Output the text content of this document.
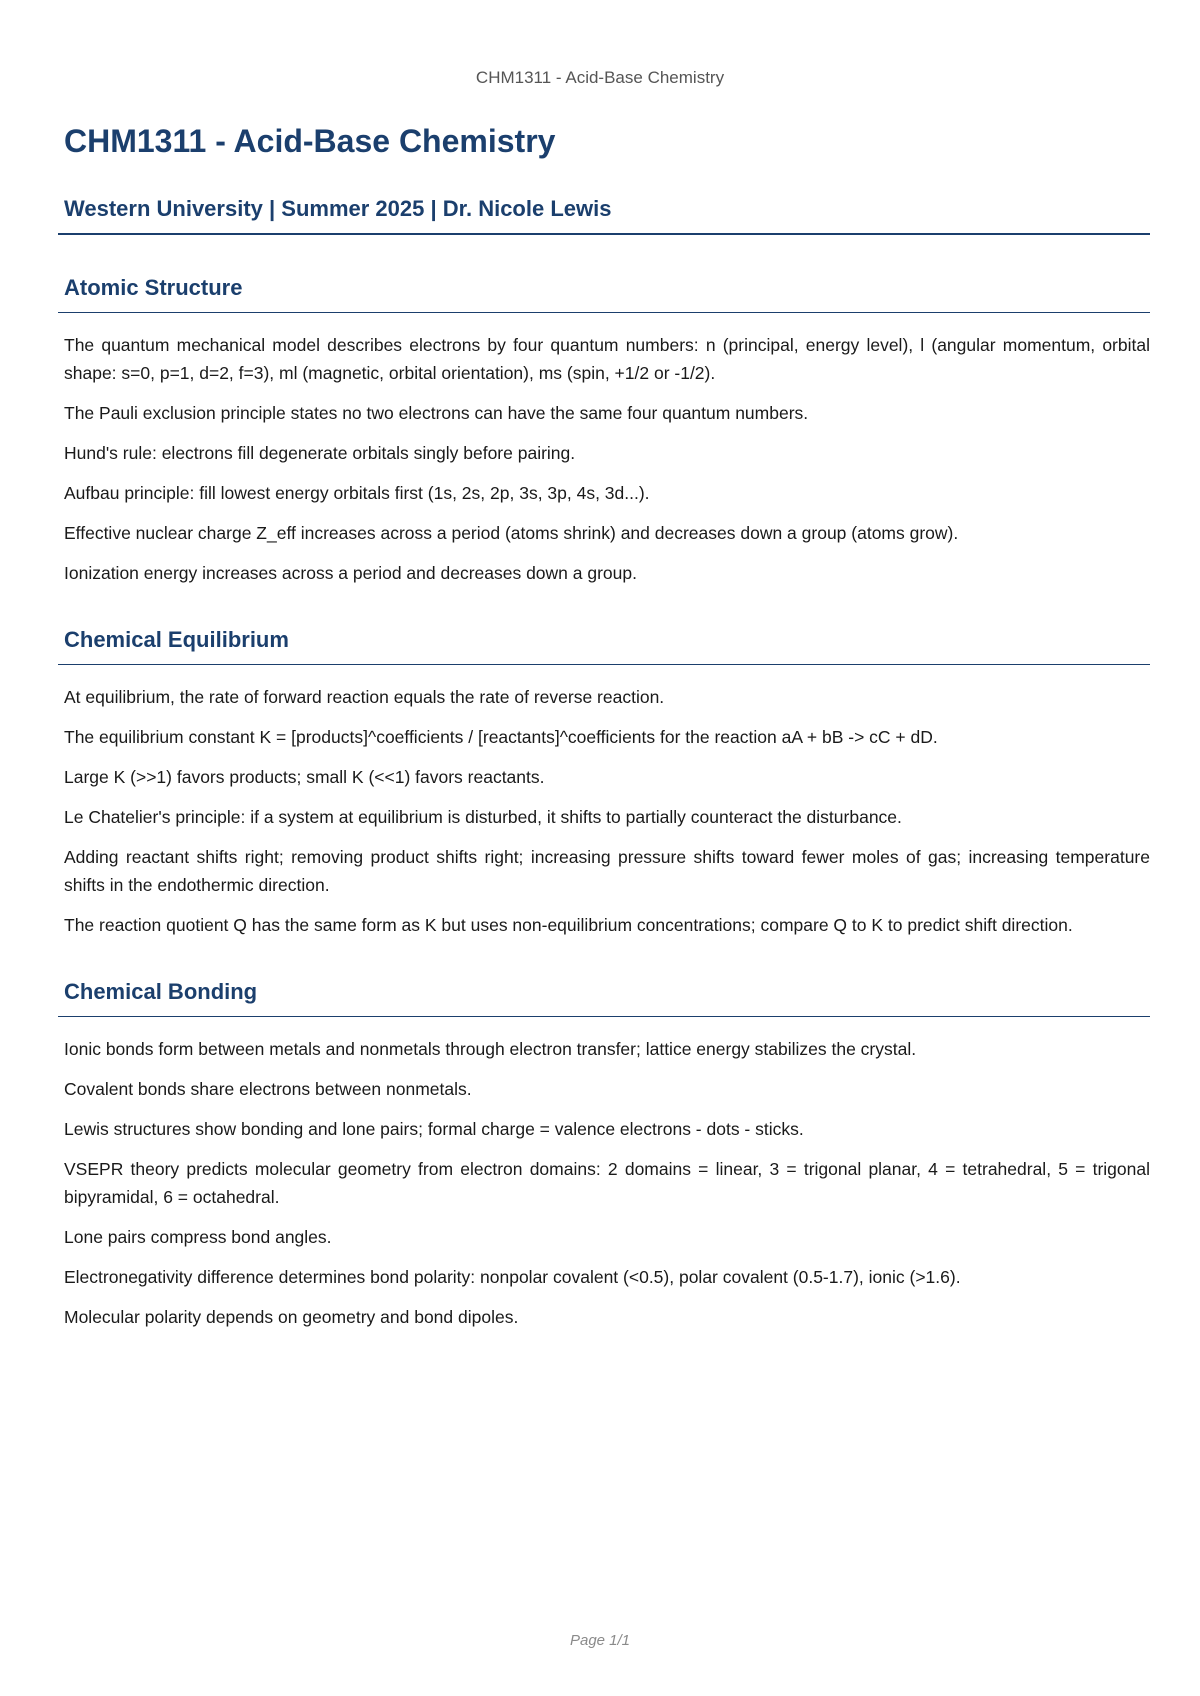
CHM1311 - Acid-Base Chemistry
CHM1311 - Acid-Base Chemistry
Western University | Summer 2025 | Dr. Nicole Lewis
Atomic Structure

The quantum mechanical model describes electrons by four quantum numbers: n (principal, energy level), l (angular momentum, orbital shape: s=0, p=1, d=2, f=3), ml (magnetic, orbital orientation), ms (spin, +1/2 or -1/2).

The Pauli exclusion principle states no two electrons can have the same four quantum numbers.

Hund's rule: electrons fill degenerate orbitals singly before pairing.

Aufbau principle: fill lowest energy orbitals first (1s, 2s, 2p, 3s, 3p, 4s, 3d...).

Effective nuclear charge Z_eff increases across a period (atoms shrink) and decreases down a group (atoms grow).

Ionization energy increases across a period and decreases down a group.

Chemical Equilibrium

At equilibrium, the rate of forward reaction equals the rate of reverse reaction.

The equilibrium constant K = [products]^coefficients / [reactants]^coefficients for the reaction aA + bB -> cC + dD.

Large K (>>1) favors products; small K (<<1) favors reactants.

Le Chatelier's principle: if a system at equilibrium is disturbed, it shifts to partially counteract the disturbance.

Adding reactant shifts right; removing product shifts right; increasing pressure shifts toward fewer moles of gas; increasing temperature shifts in the endothermic direction.

The reaction quotient Q has the same form as K but uses non-equilibrium concentrations; compare Q to K to predict shift direction.

Chemical Bonding

Ionic bonds form between metals and nonmetals through electron transfer; lattice energy stabilizes the crystal.

Covalent bonds share electrons between nonmetals.

Lewis structures show bonding and lone pairs; formal charge = valence electrons - dots - sticks.

VSEPR theory predicts molecular geometry from electron domains: 2 domains = linear, 3 = trigonal planar, 4 = tetrahedral, 5 = trigonal bipyramidal, 6 = octahedral.

Lone pairs compress bond angles.

Electronegativity difference determines bond polarity: nonpolar covalent (<0.5), polar covalent (0.5-1.7), ionic (>1.6).

Molecular polarity depends on geometry and bond dipoles.

Page 1/1
